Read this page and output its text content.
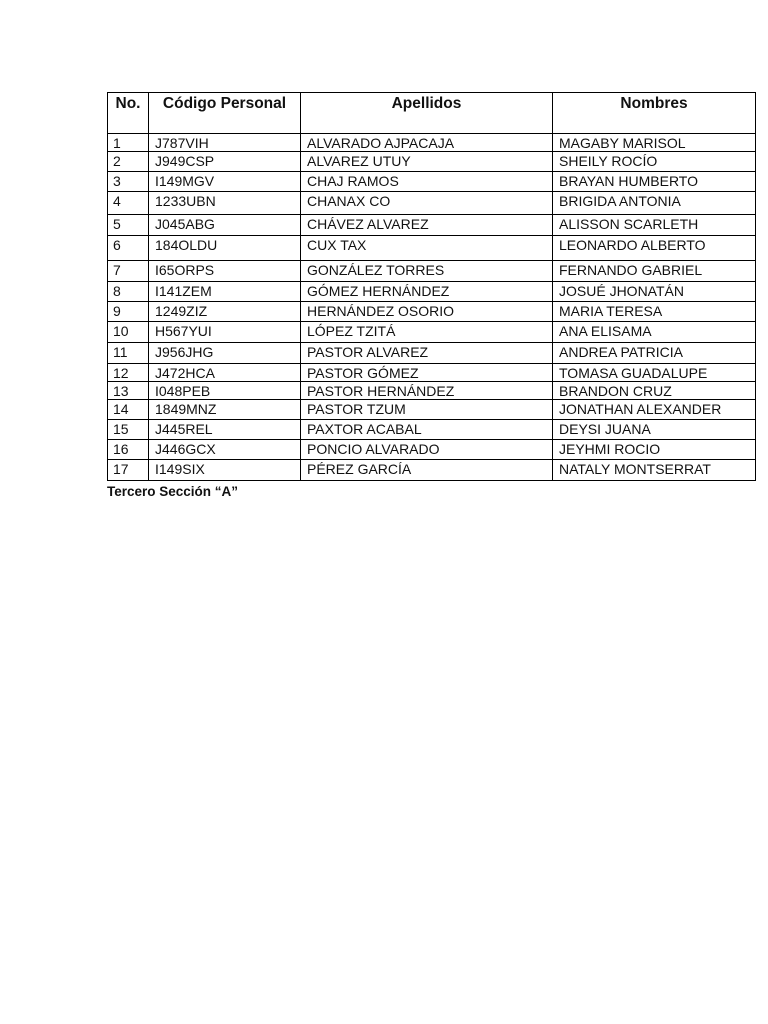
No.	Código Personal	Apellidos	Nombres
1	J787VIH	ALVARADO AJPACAJA	MAGABY MARISOL
2	J949CSP	ALVAREZ UTUY	SHEILY ROCÍO
3	I149MGV	CHAJ RAMOS	BRAYAN HUMBERTO
4	1233UBN	CHANAX CO	BRIGIDA ANTONIA
5	J045ABG	CHÁVEZ ALVAREZ	ALISSON SCARLETH
6	184OLDU	CUX TAX	LEONARDO ALBERTO
7	I65ORPS	GONZÁLEZ TORRES	FERNANDO GABRIEL
8	I141ZEM	GÓMEZ HERNÁNDEZ	JOSUÉ JHONATÁN
9	1249ZIZ	HERNÁNDEZ OSORIO	MARIA TERESA
10	H567YUI	LÓPEZ TZITÁ	ANA ELISAMA
11	J956JHG	PASTOR ALVAREZ	ANDREA PATRICIA
12	J472HCA	PASTOR GÓMEZ	TOMASA GUADALUPE
13	I048PEB	PASTOR HERNÁNDEZ	BRANDON CRUZ
14	1849MNZ	PASTOR TZUM	JONATHAN ALEXANDER
15	J445REL	PAXTOR ACABAL	DEYSI JUANA
16	J446GCX	PONCIO ALVARADO	JEYHMI ROCIO
17	I149SIX	PÉREZ GARCÍA	NATALY MONTSERRAT
Tercero Sección “A”
